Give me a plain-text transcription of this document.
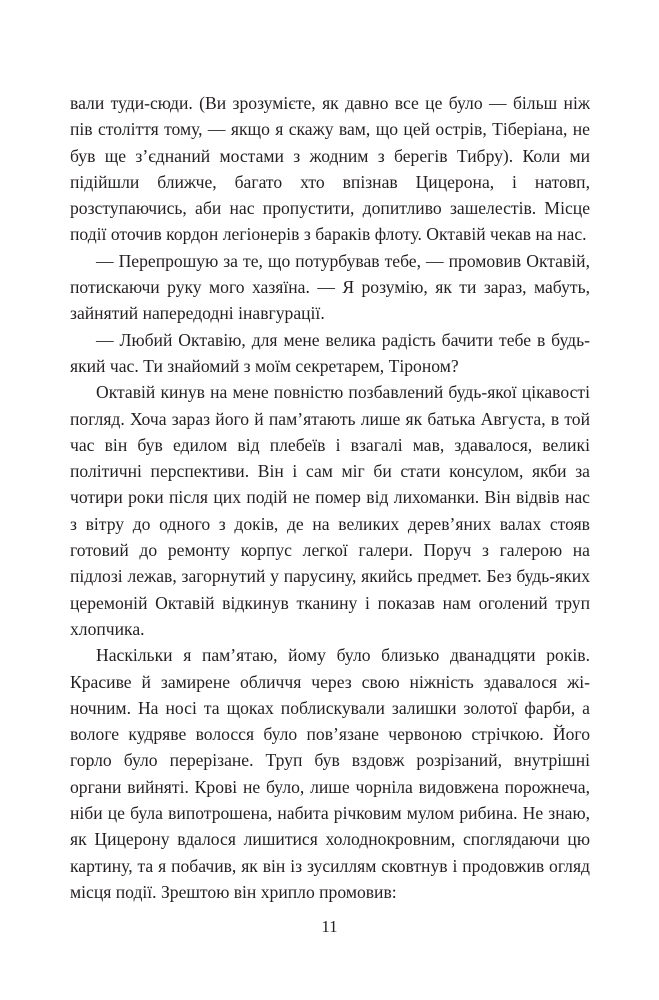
вали туди-сюди. (Ви зрозумієте, як давно все це було — більш ніж пів століття тому, — якщо я скажу вам, що цей острів, Тіберіана, не був ще з’єднаний мостами з жодним з берегів Тибру). Коли ми підійшли ближче, багато хто впізнав Цицерона, і натовп, розступаючись, аби нас пропустити, допитливо зашелестів. Місце події оточив кордон легіонерів з бараків флоту. Октавій чекав на нас.

— Перепрошую за те, що потурбував тебе, — промовив Октавій, потискаючи руку мого хазяїна. — Я розумію, як ти зараз, мабуть, зайнятий напередодні інавгурації.

— Любий Октавію, для мене велика радість бачити тебе в будь-який час. Ти знайомий з моїм секретарем, Тіроном?

Октавій кинув на мене повністю позбавлений будь-якої цікавості погляд. Хоча зараз його й пам’ятають лише як батька Августа, в той час він був едилом від плебеїв і взагалі мав, здавалося, великі політичні перспективи. Він і сам міг би стати консулом, якби за чотири роки після цих подій не помер від лихоманки. Він відвів нас з вітру до одного з доків, де на великих дерев’яних валах стояв готовий до ремонту корпус легкої галери. Поруч з галерою на підлозі лежав, загорнутий у парусину, якийсь предмет. Без будь-яких церемоній Октавій відкинув тканину і показав нам оголений труп хлопчика.

Наскільки я пам’ятаю, йому було близько дванадцяти років. Красиве й замирене обличчя через свою ніжність здавалося жіночним. На носі та щоках поблискували залишки золотої фарби, а вологе кудряве волосся було пов’язане червоною стрічкою. Його горло було перерізане. Труп був вздовж розрізаний, внутрішні органи вийняті. Крові не було, лише чорніла видовжена порожнеча, ніби це була випотрошена, набита річковим мулом рибина. Не знаю, як Цицерону вдалося лишитися холоднокровним, споглядаючи цю картину, та я побачив, як він із зусиллям сковтнув і продовжив огляд місця події. Зрештою він хрипло промовив:

11
